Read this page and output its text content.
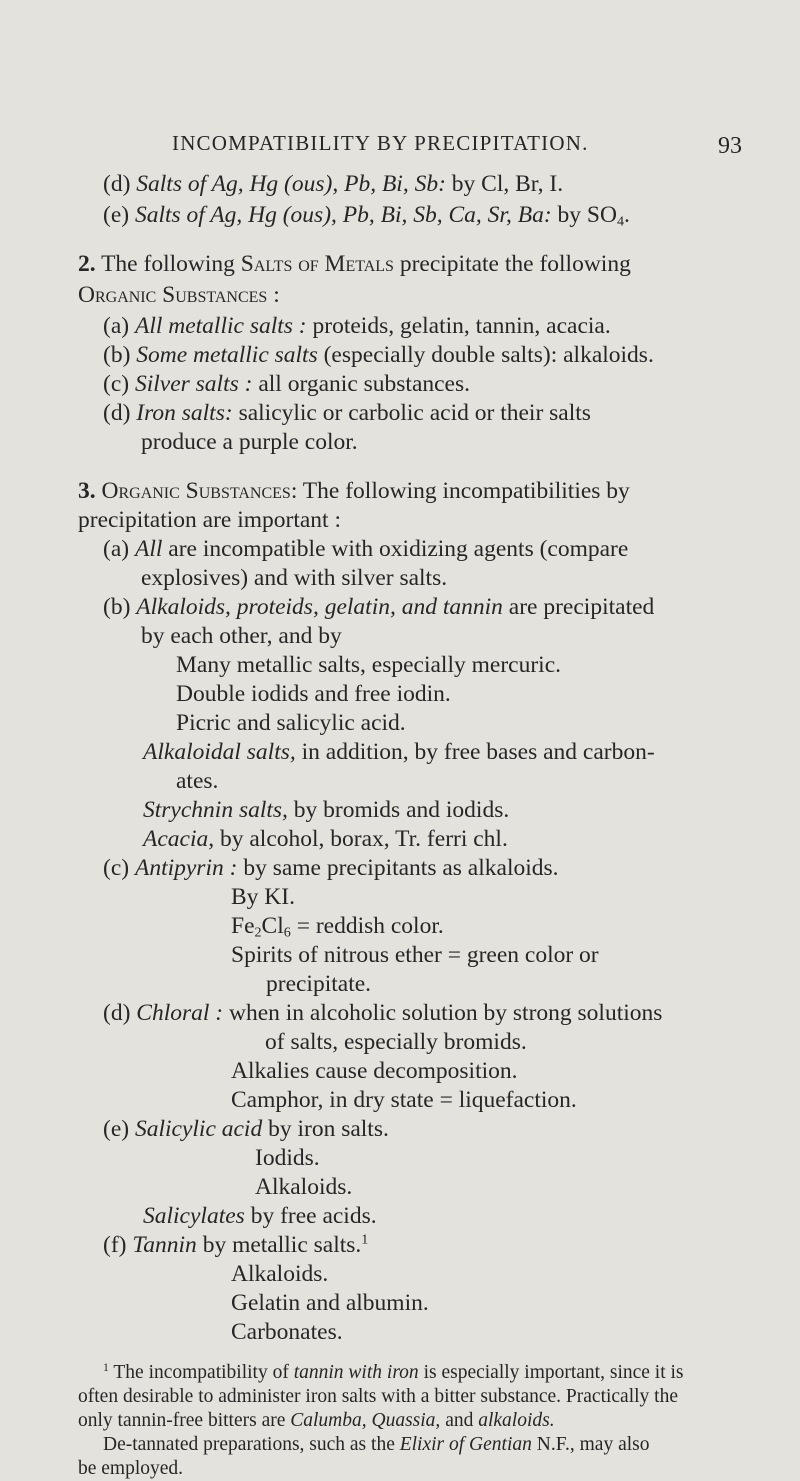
INCOMPATIBILITY BY PRECIPITATION.	93
(d) Salts of Ag, Hg (ous), Pb, Bi, Sb: by Cl, Br, I.
(e) Salts of Ag, Hg (ous), Pb, Bi, Sb, Ca, Sr, Ba: by $SO_4$.
2. The following Salts of Metals precipitate the following
Organic Substances :
(a) All metallic salts : proteids, gelatin, tannin, acacia.
(b) Some metallic salts (especially double salts): alkaloids.
(c) Silver salts : all organic substances.
(d) Iron salts: salicylic or carbolic acid or their salts
produce a purple color.
3. Organic Substances: The following incompatibilities by
precipitation are important :
(a) All are incompatible with oxidizing agents (compare
explosives) and with silver salts.
(b) Alkaloids, proteids, gelatin, and tannin are precipitated
by each other, and by
Many metallic salts, especially mercuric.
Double iodids and free iodin.
Picric and salicylic acid.
Alkaloidal salts, in addition, by free bases and carbon-
ates.
Strychnin salts, by bromids and iodids.
Acacia, by alcohol, borax, Tr. ferri chl.
(c) Antipyrin : by same precipitants as alkaloids.
By KI.
$Fe_2Cl_6$ = reddish color.
Spirits of nitrous ether = green color or
precipitate.
(d) Chloral : when in alcoholic solution by strong solutions
of salts, especially bromids.
Alkalies cause decomposition.
Camphor, in dry state = liquefaction.
(e) Salicylic acid by iron salts.
Iodids.
Alkaloids.
Salicylates by free acids.
(f) Tannin by metallic salts.$^1$
Alkaloids.
Gelatin and albumin.
Carbonates.
$^1$ The incompatibility of tannin with iron is especially important, since it is
often desirable to administer iron salts with a bitter substance. Practically the
only tannin-free bitters are Calumba, Quassia, and alkaloids.
De-tannated preparations, such as the Elixir of Gentian N.F., may also
be employed.
